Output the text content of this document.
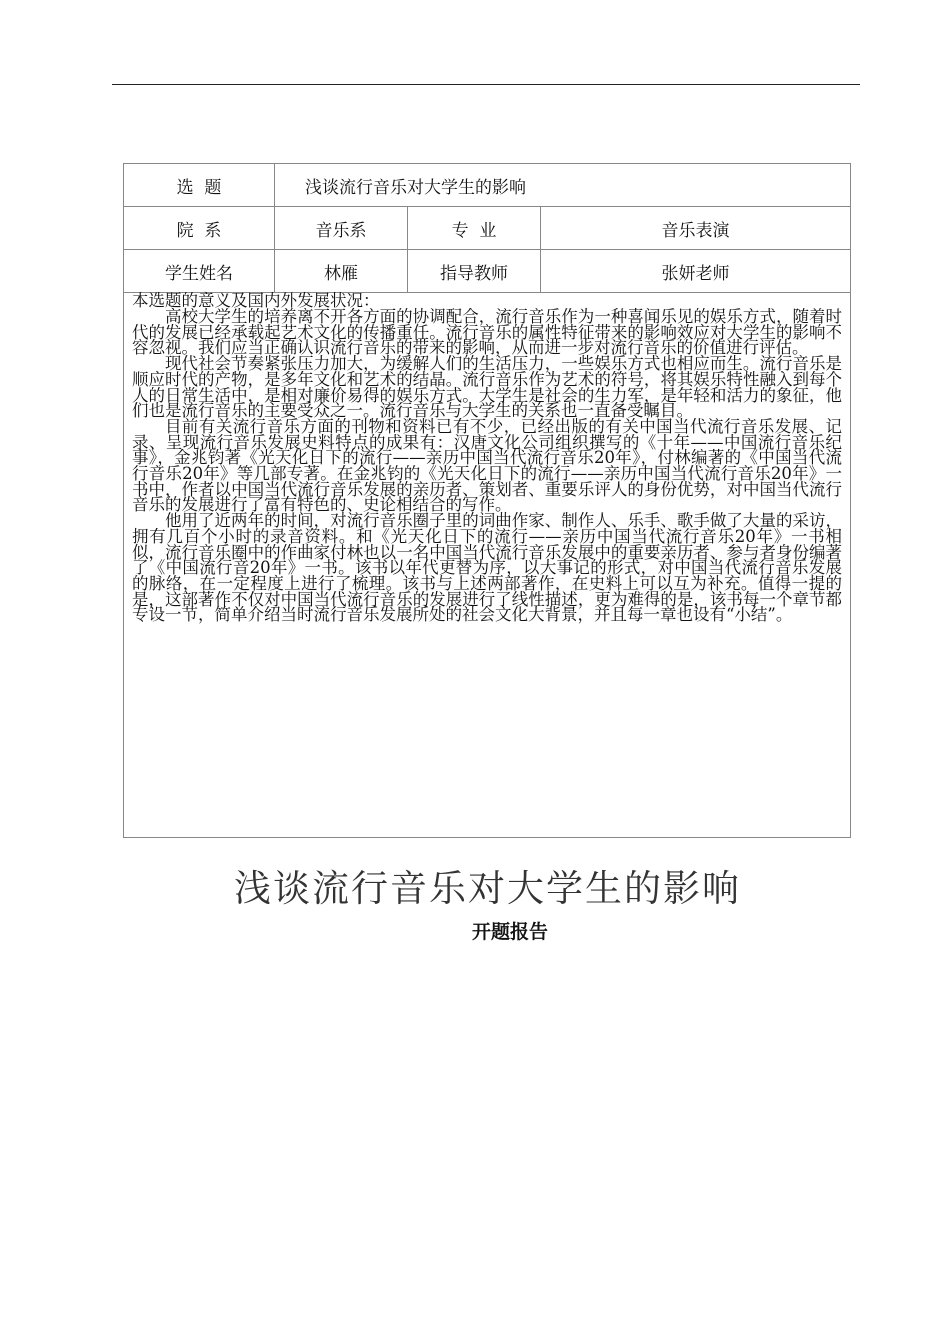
选  题	浅谈流行音乐对大学生的影响		
院  系	音乐系	专  业	音乐表演
学生姓名	林雁	指导教师	张妍老师

本选题的意义及国内外发展状况：

高校大学生的培养离不开各方面的协调配合，流行音乐作为一种喜闻乐见的娱乐方式，随着时代的发展已经承载起艺术文化的传播重任。流行音乐的属性特征带来的影响效应对大学生的影响不容忽视。我们应当正确认识流行音乐的带来的影响，从而进一步对流行音乐的价值进行评估。

现代社会节奏紧张压力加大，为缓解人们的生活压力，一些娱乐方式也相应而生。流行音乐是顺应时代的产物，是多年文化和艺术的结晶。流行音乐作为艺术的符号，将其娱乐特性融入到每个人的日常生活中，是相对廉价易得的娱乐方式。大学生是社会的生力军，是年轻和活力的象征，他们也是流行音乐的主要受众之一。流行音乐与大学生的关系也一直备受瞩目。

目前有关流行音乐方面的刊物和资料已有不少，已经出版的有关中国当代流行音乐发展、记录、呈现流行音乐发展史料特点的成果有：汉唐文化公司组织撰写的《十年——中国流行音乐纪事》，金兆钧著《光天化日下的流行——亲历中国当代流行音乐20年》，付林编著的《中国当代流行音乐20年》等几部专著。在金兆钧的《光天化日下的流行——亲历中国当代流行音乐20年》一书中，作者以中国当代流行音乐发展的亲历者、策划者、重要乐评人的身份优势，对中国当代流行音乐的发展进行了富有特色的、史论相结合的写作。

他用了近两年的时间，对流行音乐圈子里的词曲作家、制作人、乐手、歌手做了大量的采访，拥有几百个小时的录音资料。和《光天化日下的流行——亲历中国当代流行音乐20年》一书相似，流行音乐圈中的作曲家付林也以一名中国当代流行音乐发展中的重要亲历者、参与者身份编著了《中国流行音20年》一书。该书以年代更替为序，以大事记的形式，对中国当代流行音乐发展的脉络，在一定程度上进行了梳理。该书与上述两部著作，在史料上可以互为补充。值得一提的是，这部著作不仅对中国当代流行音乐的发展进行了线性描述，更为难得的是，该书每一个章节都专设一节，简单介绍当时流行音乐发展所处的社会文化大背景，并且每一章也设有“小结”。			

浅谈流行音乐对大学生的影响
开题报告
